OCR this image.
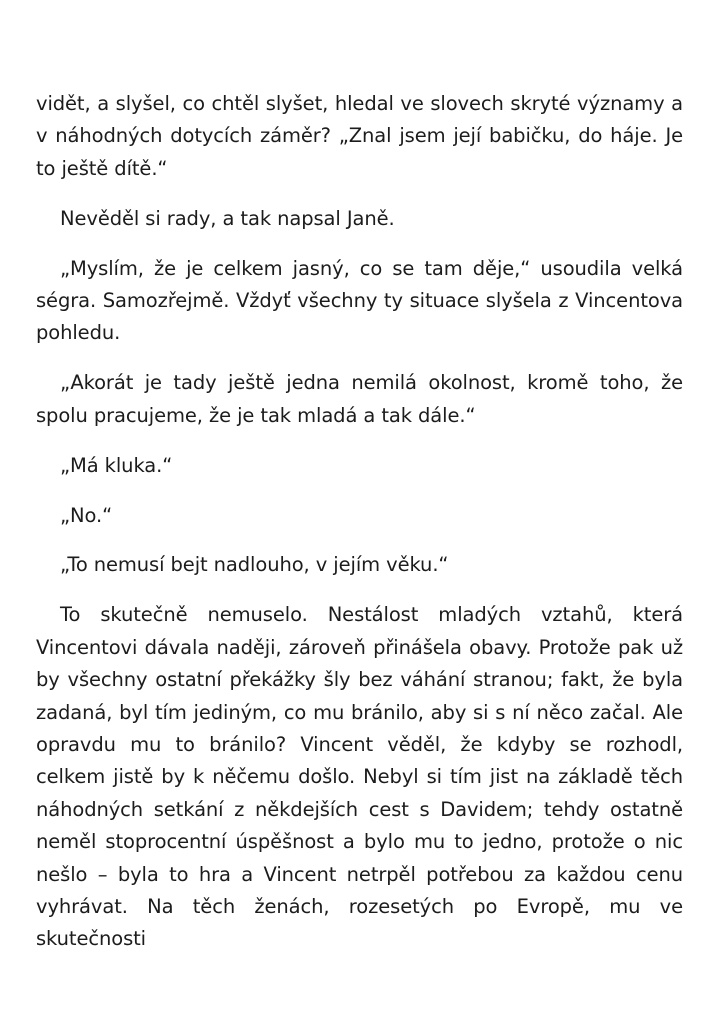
vidět, a slyšel, co chtěl slyšet, hledal ve slovech skryté významy a v náhodných dotycích záměr? „Znal jsem její babičku, do háje. Je to ještě dítě.“

Nevěděl si rady, a tak napsal Janě.

„Myslím, že je celkem jasný, co se tam děje,“ usoudila velká ségra. Samozřejmě. Vždyť všechny ty situace slyšela z Vincentova pohledu.

„Akorát je tady ještě jedna nemilá okolnost, kromě toho, že spolu pracujeme, že je tak mladá a tak dále.“

„Má kluka.“

„No.“

„To nemusí bejt nadlouho, v jejím věku.“

To skutečně nemuselo. Nestálost mladých vztahů, která Vincentovi dávala naději, zároveň přinášela obavy. Protože pak už by všechny ostatní překážky šly bez váhání stranou; fakt, že byla zadaná, byl tím jediným, co mu bránilo, aby si s ní něco začal. Ale opravdu mu to bránilo? Vincent věděl, že kdyby se rozhodl, celkem jistě by k něčemu došlo. Nebyl si tím jist na základě těch náhodných setkání z někdejších cest s Davidem; tehdy ostatně neměl stoprocentní úspěšnost a bylo mu to jedno, protože o nic nešlo – byla to hra a Vincent netrpěl potřebou za každou cenu vyhrávat. Na těch ženách, rozesetých po Evropě, mu ve skutečnosti
